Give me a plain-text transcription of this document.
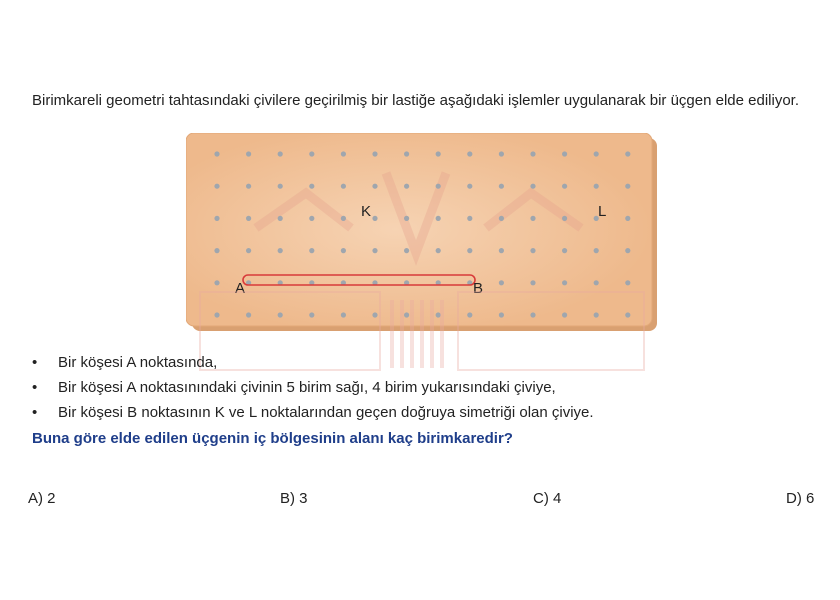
Birimkareli geometri tahtasındaki çivilere geçirilmiş bir lastiğe aşağıdaki işlemler uygulanarak bir üçgen elde ediliyor.

K	L
A	B
• Bir köşesi A noktasında,
• Bir köşesi A noktasınındaki çivinin 5 birim sağı, 4 birim yukarısındaki çiviye,
• Bir köşesi B noktasının K ve L noktalarından geçen doğruya simetriği olan çiviye.
Buna göre elde edilen üçgenin iç bölgesinin alanı kaç birimkaredir?
A) 2	B) 3	C) 4	D) 6
